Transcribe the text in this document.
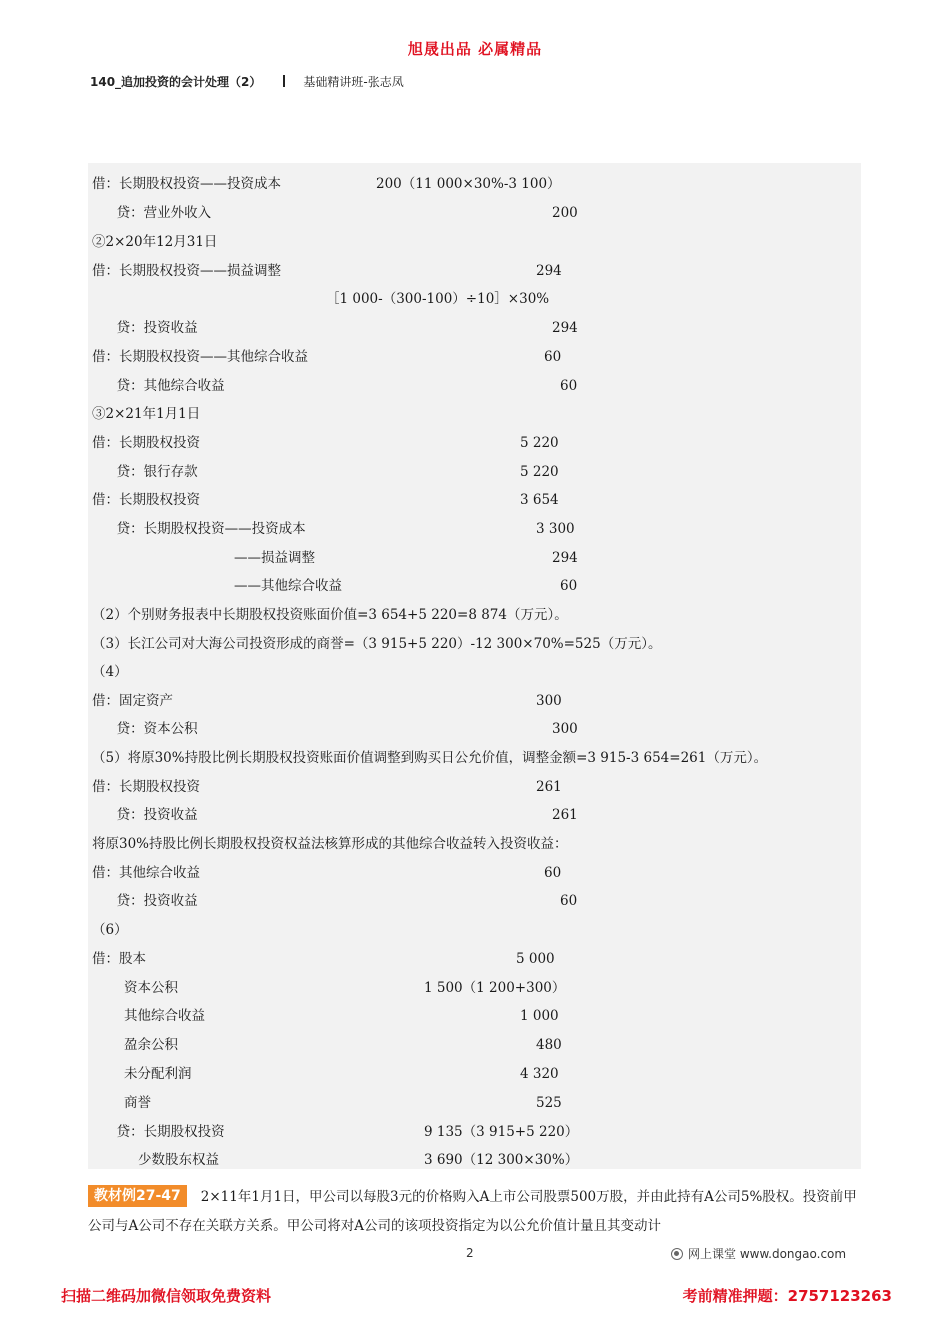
旭晟出品 必属精品
140_追加投资的会计处理（2）	基础精讲班-张志凤
借：长期股权投资——投资成本	200（11 000×30%-3 100）
贷：营业外收入	200
②2×20年12月31日
借：长期股权投资——损益调整	294
［1 000-（300-100）÷10］×30%
贷：投资收益	294
借：长期股权投资——其他综合收益	60
贷：其他综合收益	60
③2×21年1月1日
借：长期股权投资	5 220
贷：银行存款	5 220
借：长期股权投资	3 654
贷：长期股权投资——投资成本	3 300
——损益调整	294
——其他综合收益	60
（2）个别财务报表中长期股权投资账面价值=3 654+5 220=8 874（万元）。
（3）长江公司对大海公司投资形成的商誉=（3 915+5 220）-12 300×70%=525（万元）。
（4）
借：固定资产	300
贷：资本公积	300
（5）将原30%持股比例长期股权投资账面价值调整到购买日公允价值，调整金额=3 915-3 654=261（万元）。
借：长期股权投资	261
贷：投资收益	261
将原30%持股比例长期股权投资权益法核算形成的其他综合收益转入投资收益：
借：其他综合收益	60
贷：投资收益	60
（6）
借：股本	5 000
资本公积	1 500（1 200+300）
其他综合收益	1 000
盈余公积	480
未分配利润	4 320
商誉	525
贷：长期股权投资	9 135（3 915+5 220）
少数股东权益	3 690（12 300×30%）
教材例27-47 2×11年1月1日，甲公司以每股3元的价格购入A上市公司股票500万股，并由此持有A公司5%股权。投资前甲公司与A公司不存在关联方关系。甲公司将对A公司的该项投资指定为以公允价值计量且其变动计
2	网上课堂 www.dongao.com
扫描二维码加微信领取免费资料	考前精准押题：2757123263
